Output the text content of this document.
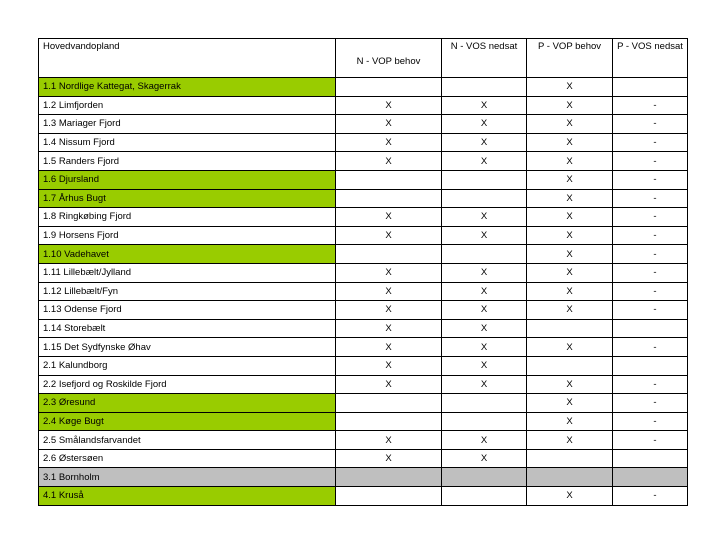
Hovedvandopland	N - VOP behov	N - VOS nedsat	P - VOP behov	P - VOS nedsat
1.1 Nordlige Kattegat, Skagerrak			X	
1.2 Limfjorden	X	X	X	-
1.3 Mariager Fjord	X	X	X	-
1.4 Nissum Fjord	X	X	X	-
1.5 Randers Fjord	X	X	X	-
1.6 Djursland			X	-
1.7 Århus Bugt			X	-
1.8 Ringkøbing Fjord	X	X	X	-
1.9 Horsens Fjord	X	X	X	-
1.10 Vadehavet			X	-
1.11 Lillebælt/Jylland	X	X	X	-
1.12 Lillebælt/Fyn	X	X	X	-
1.13 Odense Fjord	X	X	X	-
1.14 Storebælt	X	X		
1.15 Det Sydfynske Øhav	X	X	X	-
2.1 Kalundborg	X	X		
2.2 Isefjord og Roskilde Fjord	X	X	X	-
2.3 Øresund			X	-
2.4 Køge Bugt			X	-
2.5 Smålandsfarvandet	X	X	X	-
2.6 Østersøen	X	X		
3.1 Bornholm				
4.1 Kruså			X	-
